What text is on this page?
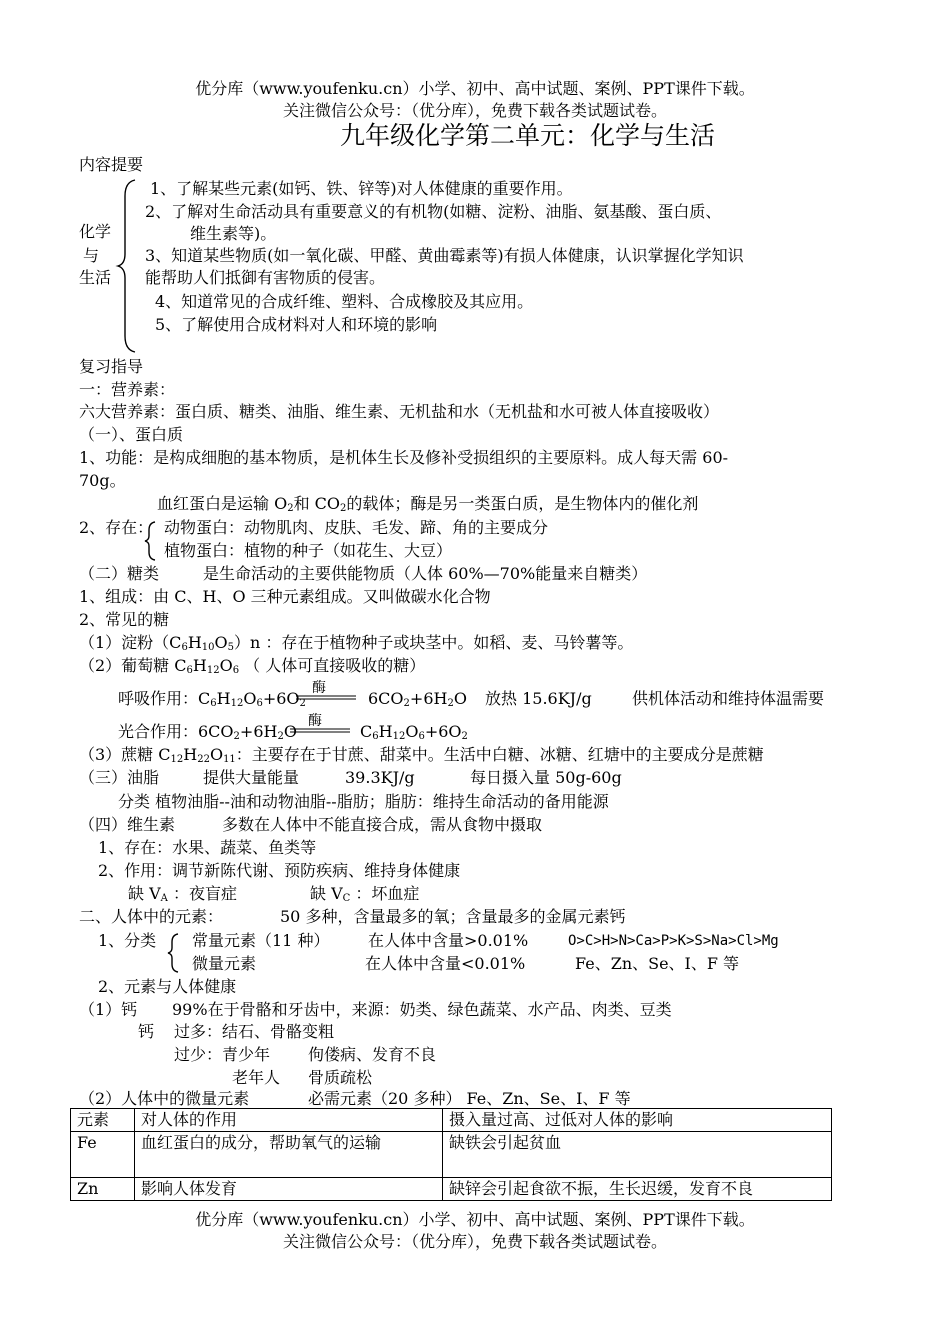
优分库（www.youfenku.cn）小学、初中、高中试题、案例、PPT课件下载。
关注微信公众号：（优分库），免费下载各类试题试卷。
九年级化学第二单元：化学与生活
内容提要
化学
与
生活
1、了解某些元素(如钙、铁、锌等)对人体健康的重要作用。
2、了解对生命活动具有重要意义的有机物(如糖、淀粉、油脂、氨基酸、蛋白质、
维生素等)。
3、知道某些物质(如一氧化碳、甲醛、黄曲霉素等)有损人体健康，认识掌握化学知识
能帮助人们抵御有害物质的侵害。
4、知道常见的合成纤维、塑料、合成橡胶及其应用。
5、了解使用合成材料对人和环境的影响
复习指导
一：营养素：
六大营养素：蛋白质、糖类、油脂、维生素、无机盐和水（无机盐和水可被人体直接吸收）
（一）、蛋白质
1、功能：是构成细胞的基本物质，是机体生长及修补受损组织的主要原料。成人每天需 60-
70g。
血红蛋白是运输 $O_2$和 $CO_2$的载体；酶是另一类蛋白质，是生物体内的催化剂
2、存在： 动物蛋白：动物肌肉、皮肤、毛发、蹄、角的主要成分
植物蛋白：植物的种子（如花生、大豆）
（二）糖类	是生命活动的主要供能物质（人体 60%—70%能量来自糖类）
1、组成：由 C、H、O 三种元素组成。又叫做碳水化合物
2、常见的糖
（1）淀粉$(C_6H_{10}O_5)n$ ：存在于植物种子或块茎中。如稻、麦、马铃薯等。
（2）葡萄糖 $C_6H_{12}O_6$ （ 人体可直接吸收的糖）
呼吸作用：$C_6H_{12}O_6+6O_2$
酶
$6CO_2+6H_2O$ 放热 15.6KJ/g	供机体活动和维持体温需要
光合作用：$6CO_2+6H_2O$
酶
$C_6H_{12}O_6+6O_2$
（3）蔗糖 $C_{12}H_{22}O_{11}$：主要存在于甘蔗、甜菜中。生活中白糖、冰糖、红塘中的主要成分是蔗糖
（三）油脂	提供大量能量	39.3KJ/g	每日摄入量 50g-60g
分类 植物油脂--油和动物油脂--脂肪；脂肪：维持生命活动的备用能源
（四）维生素	多数在人体中不能直接合成，需从食物中摄取
1、存在：水果、蔬菜、鱼类等
2、作用：调节新陈代谢、预防疾病、维持身体健康
缺 $V_A$ ：夜盲症	缺 $V_C$ ：坏血症
二、人体中的元素：	50 多种，含量最多的氧；含量最多的金属元素钙
1、分类 常量元素（11 种） 在人体中含量>0.01%	O>C>H>N>Ca>P>K>S>Na>Cl>Mg
微量元素	在人体中含量<0.01%	Fe、Zn、Se、I、F 等
2、元素与人体健康
（1）钙 99%在于骨骼和牙齿中，来源：奶类、绿色蔬菜、水产品、肉类、豆类
钙 过多：结石、骨骼变粗
过少：青少年 佝偻病、发育不良
老年人 骨质疏松
（2）人体中的微量元素	必需元素（20 多种） Fe、Zn、Se、I、F 等
元素	对人体的作用	摄入量过高、过低对人体的影响
Fe	血红蛋白的成分，帮助氧气的运输	缺铁会引起贫血
Zn	影响人体发育	缺锌会引起食欲不振，生长迟缓，发育不良
优分库（www.youfenku.cn）小学、初中、高中试题、案例、PPT课件下载。
关注微信公众号：（优分库），免费下载各类试题试卷。
